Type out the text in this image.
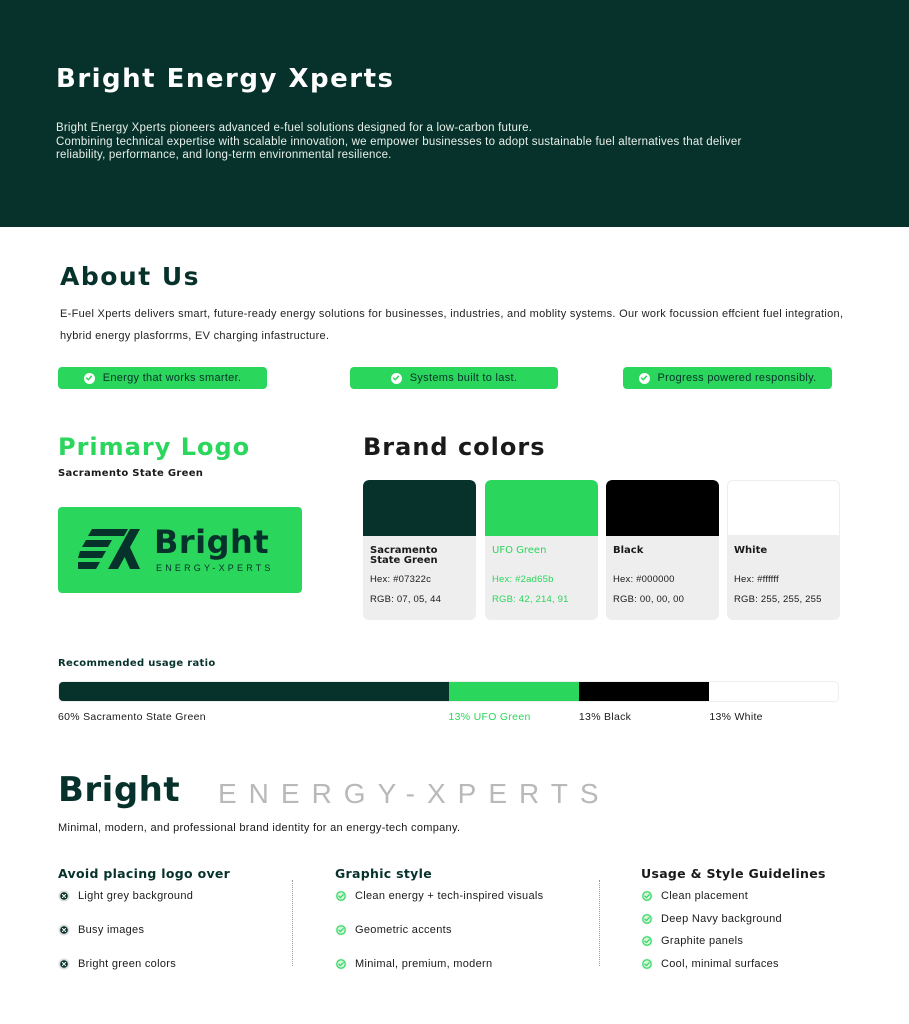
Bright Energy Xperts
Bright Energy Xperts pioneers advanced e-fuel solutions designed for a low-carbon future.
Combining technical expertise with scalable innovation, we empower businesses to adopt sustainable fuel alternatives that deliver
reliability, performance, and long-term environmental resilience.
About Us
E-Fuel Xperts delivers smart, future-ready energy solutions for businesses, industries, and moblity systems. Our work focussion effcient fuel integration, hybrid energy plasforrms, EV charging infastructure.
Energy that works smarter.	Systems built to last.	Progress powered responsibly.
Primary Logo
Sacramento State Green
Bright
ENERGY-XPERTS
Brand colors
Sacramento State Green
Hex: #07322c
RGB: 07, 05, 44
UFO Green
Hex: #2ad65b
RGB: 42, 214, 91
Black
Hex: #000000
RGB: 00, 00, 00
White
Hex: #ffffff
RGB: 255, 255, 255
Recommended usage ratio
60% Sacramento State Green	13% UFO Green	13% Black	13% White
Bright ENERGY-XPERTS
Minimal, modern, and professional brand identity for an energy-tech company.
Avoid placing logo over	Graphic style	Usage & Style Guidelines
Light grey background
Busy images
Bright green colors
Clean energy + tech-inspired visuals
Geometric accents
Minimal, premium, modern
Clean placement
Deep Navy background
Graphite panels
Cool, minimal surfaces
